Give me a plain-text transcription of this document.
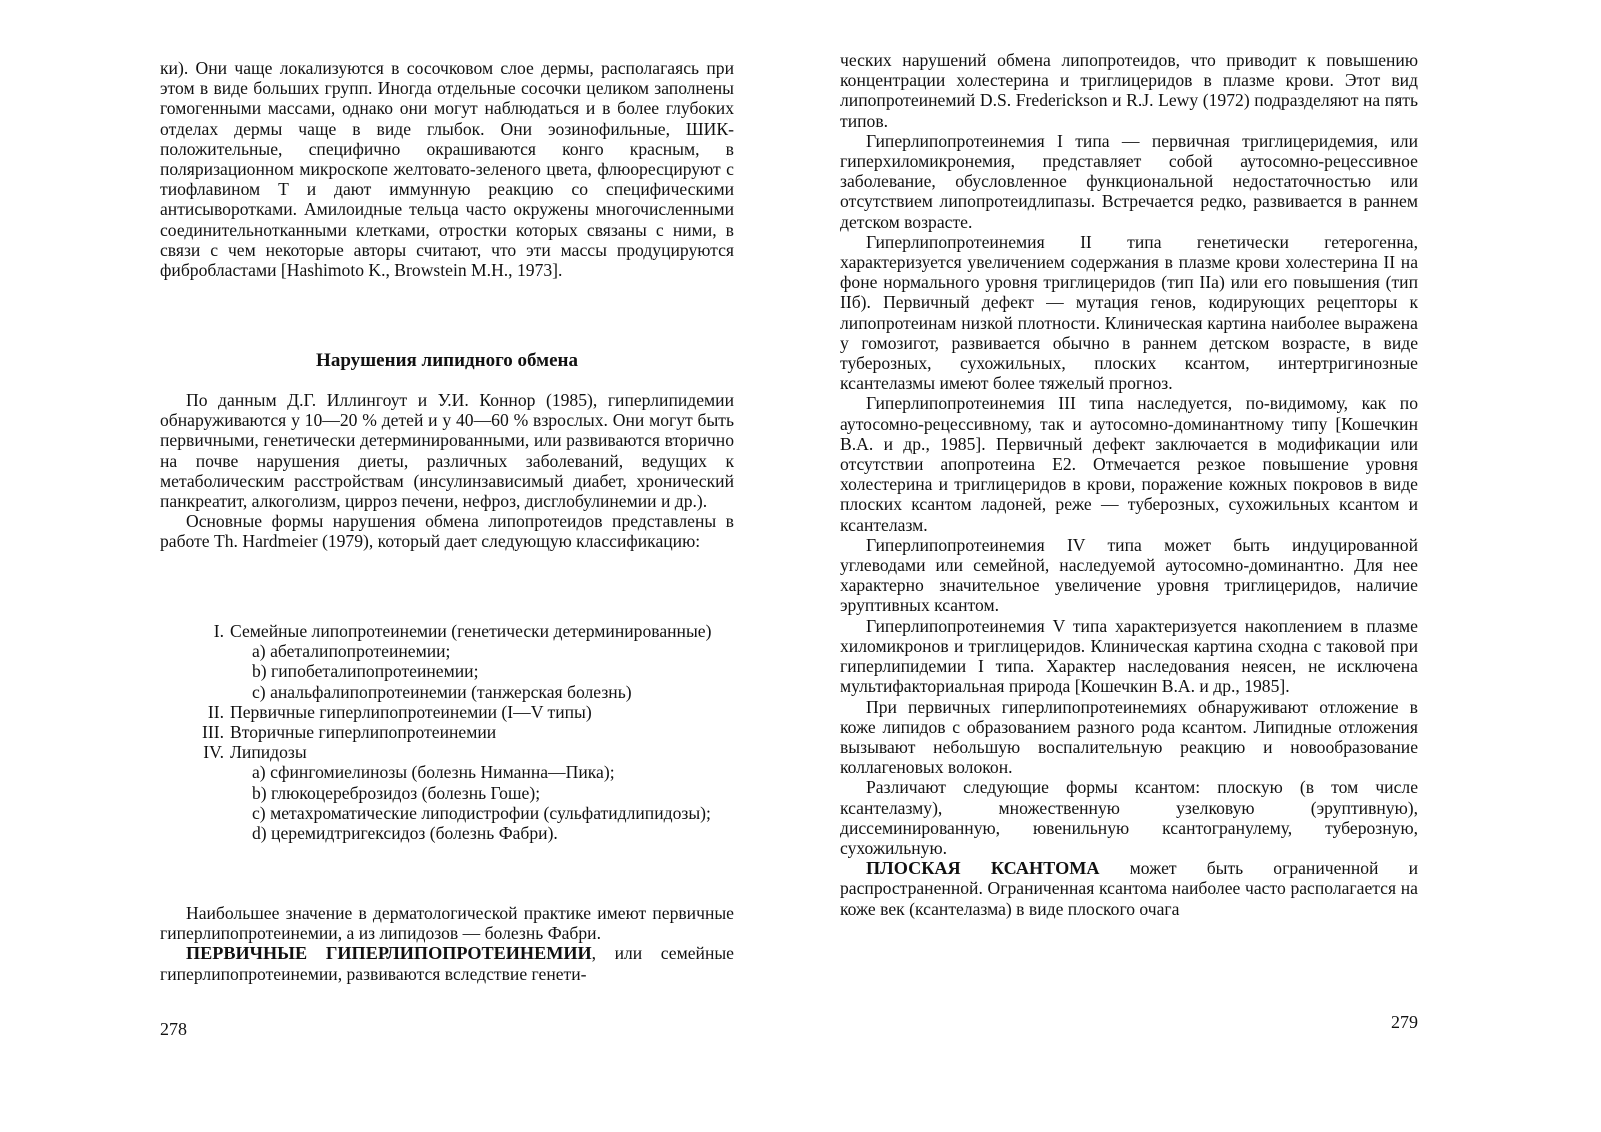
ки). Они чаще локализуются в сосочковом слое дермы, располагаясь при этом в виде больших групп. Иногда отдельные сосочки целиком заполнены гомогенными массами, однако они могут наблюдаться и в более глубоких отделах дермы чаще в виде глыбок. Они эозинофильные, ШИК-положительные, специфично окрашиваются конго красным, в поляризационном микроскопе желтовато-зеленого цвета, флюоресцируют с тиофлавином Т и дают иммунную реакцию со специфическими антисыворотками. Амилоидные тельца часто окружены многочисленными соединительнотканными клетками, отростки которых связаны с ними, в связи с чем некоторые авторы считают, что эти массы продуцируются фибробластами [Hashimoto K., Browstein M.H., 1973].

Нарушения липидного обмена

По данным Д.Г. Иллингоут и У.И. Коннор (1985), гиперлипидемии обнаруживаются у 10—20 % детей и у 40—60 % взрослых. Они могут быть первичными, генетически детерминированными, или развиваются вторично на почве нарушения диеты, различных заболеваний, ведущих к метаболическим расстройствам (инсулинзависимый диабет, хронический панкреатит, алкоголизм, цирроз печени, нефроз, дисглобулинемии и др.).

Основные формы нарушения обмена липопротеидов представлены в работе Th. Hardmeier (1979), который дает следующую классификацию:

I. Семейные липопротеинемии (генетически детерминированные)
а) абеталипопротеинемии;
b) гипобеталипопротеинемии;
c) анальфалипопротеинемии (танжерская болезнь)
II. Первичные гиперлипопротеинемии (I—V типы)
III. Вторичные гиперлипопротеинемии
IV. Липидозы
а) сфингомиелинозы (болезнь Ниманна—Пика);
b) глюкоцереброзидоз (болезнь Гоше);
c) метахроматические липодистрофии (сульфатидлипидозы);
d) церемидтригексидоз (болезнь Фабри).

Наибольшее значение в дерматологической практике имеют первичные гиперлипопротеинемии, а из липидозов — болезнь Фабри.

ПЕРВИЧНЫЕ ГИПЕРЛИПОПРОТЕИНЕМИИ, или семейные гиперлипопротеинемии, развиваются вследствие генети-

278

ческих нарушений обмена липопротеидов, что приводит к повышению концентрации холестерина и триглицеридов в плазме крови. Этот вид липопротеинемий D.S. Frederickson и R.J. Lewy (1972) подразделяют на пять типов.

Гиперлипопротеинемия I типа — первичная триглицеридемия, или гиперхиломикронемия, представляет собой аутосомно-рецессивное заболевание, обусловленное функциональной недостаточностью или отсутствием липопротеидлипазы. Встречается редко, развивается в раннем детском возрасте.

Гиперлипопротеинемия II типа генетически гетерогенна, характеризуется увеличением содержания в плазме крови холестерина II на фоне нормального уровня триглицеридов (тип IIa) или его повышения (тип IIб). Первичный дефект — мутация генов, кодирующих рецепторы к липопротеинам низкой плотности. Клиническая картина наиболее выражена у гомозигот, развивается обычно в раннем детском возрасте, в виде туберозных, сухожильных, плоских ксантом, интертригинозные ксантелазмы имеют более тяжелый прогноз.

Гиперлипопротеинемия III типа наследуется, по-видимому, как по аутосомно-рецессивному, так и аутосомно-доминантному типу [Кошечкин В.А. и др., 1985]. Первичный дефект заключается в модификации или отсутствии апопротеина Е2. Отмечается резкое повышение уровня холестерина и триглицеридов в крови, поражение кожных покровов в виде плоских ксантом ладоней, реже — туберозных, сухожильных ксантом и ксантелазм.

Гиперлипопротеинемия IV типа может быть индуцированной углеводами или семейной, наследуемой аутосомно-доминантно. Для нее характерно значительное увеличение уровня триглицеридов, наличие эруптивных ксантом.

Гиперлипопротеинемия V типа характеризуется накоплением в плазме хиломикронов и триглицеридов. Клиническая картина сходна с таковой при гиперлипидемии I типа. Характер наследования неясен, не исключена мультифакториальная природа [Кошечкин В.А. и др., 1985].

При первичных гиперлипопротеинемиях обнаруживают отложение в коже липидов с образованием разного рода ксантом. Липидные отложения вызывают небольшую воспалительную реакцию и новообразование коллагеновых волокон.

Различают следующие формы ксантом: плоскую (в том числе ксантелазму), множественную узелковую (эруптивную), диссеминированную, ювенильную ксантогранулему, туберозную, сухожильную.

ПЛОСКАЯ КСАНТОМА может быть ограниченной и распространенной. Ограниченная ксантома наиболее часто располагается на коже век (ксантелазма) в виде плоского очага

279
